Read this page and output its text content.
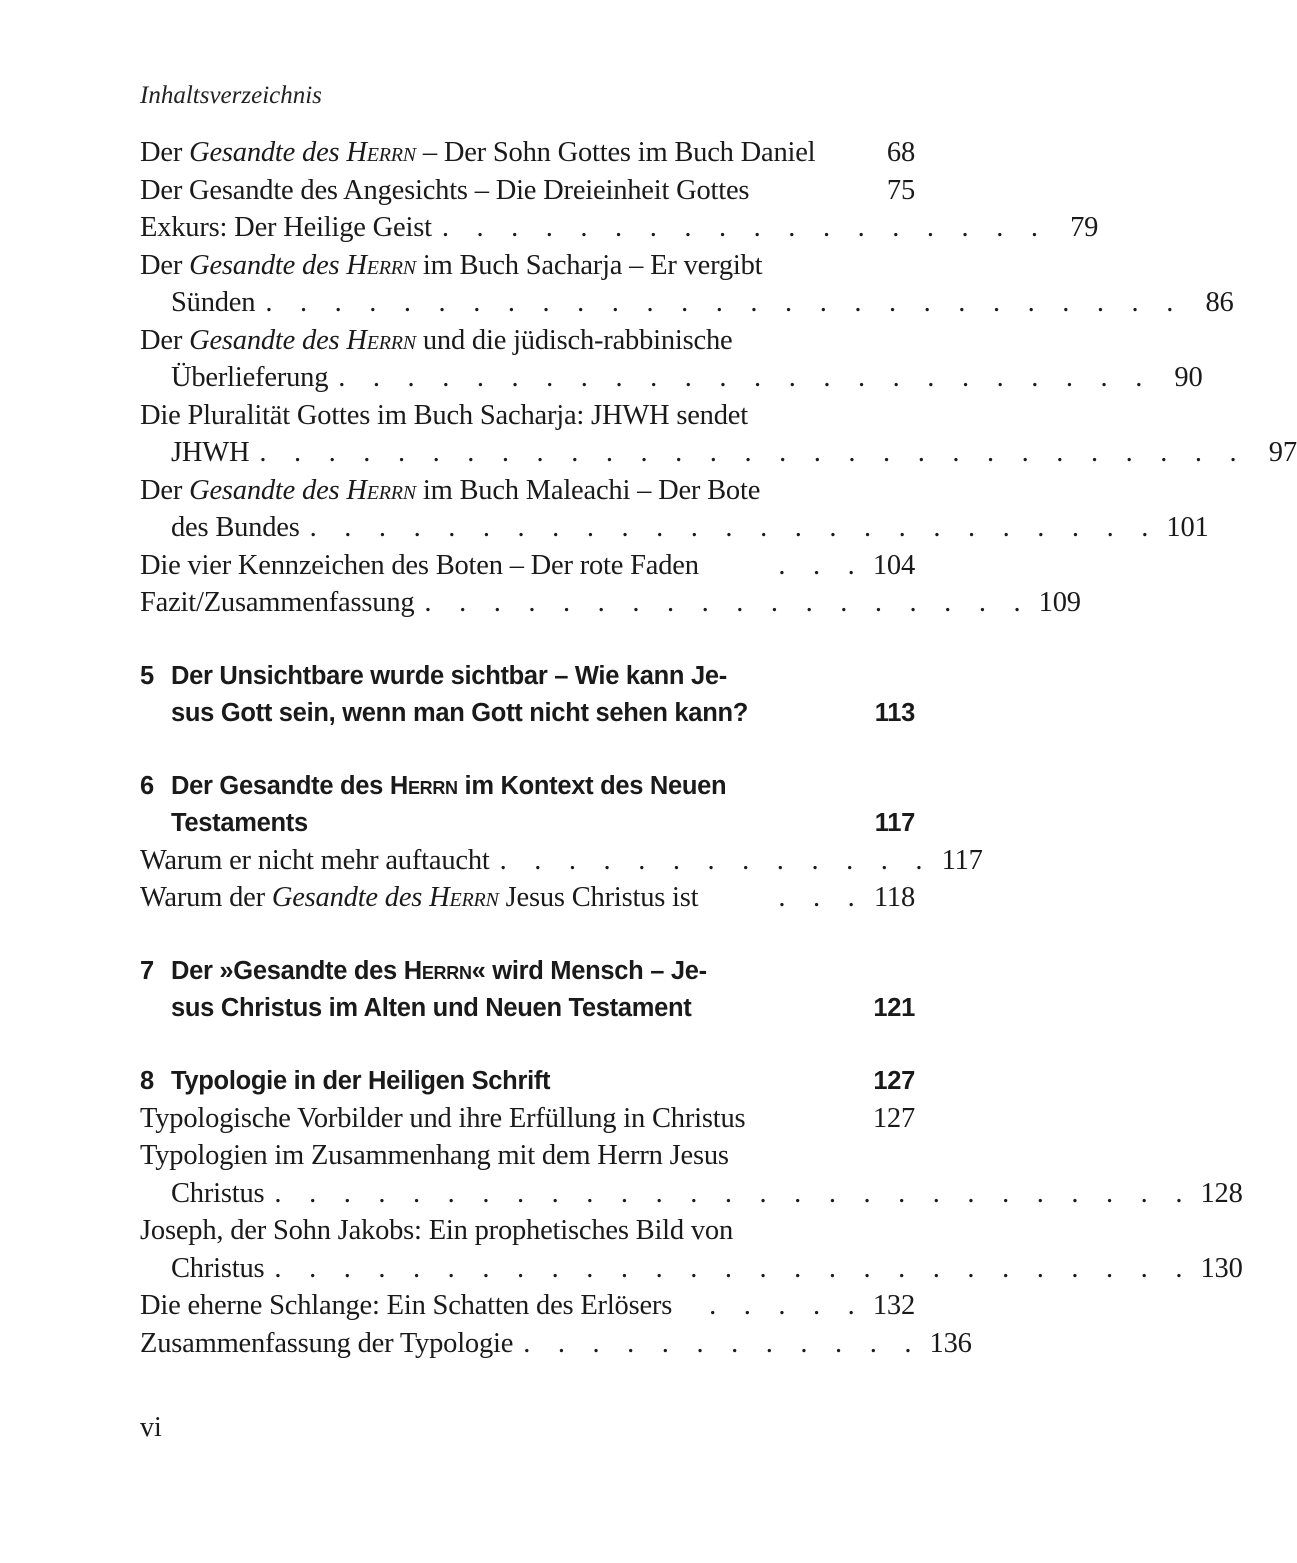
Inhaltsverzeichnis
Der Gesandte des Herrn – Der Sohn Gottes im Buch Daniel	68
Der Gesandte des Angesichts – Die Dreieinheit Gottes	75
Exkurs: Der Heilige Geist . . . . . . . . . . . . . . . . . . 79
Der Gesandte des Herrn im Buch Sacharja – Er vergibt
Sünden . . . . . . . . . . . . . . . . . . . . . . . . . . . 86
Der Gesandte des Herrn und die jüdisch-rabbinische
Überlieferung . . . . . . . . . . . . . . . . . . . . . . . . 90
Die Pluralität Gottes im Buch Sacharja: JHWH sendet
JHWH . . . . . . . . . . . . . . . . . . . . . . . . . . . . . 97
Der Gesandte des Herrn im Buch Maleachi – Der Bote
des Bundes . . . . . . . . . . . . . . . . . . . . . . . . . 101
Die vier Kennzeichen des Boten – Der rote Faden	. . . 104
Fazit/Zusammenfassung . . . . . . . . . . . . . . . . . . 109
5 Der Unsichtbare wurde sichtbar – Wie kann Je-
sus Gott sein, wenn man Gott nicht sehen kann?	113
6 Der Gesandte des Herrn im Kontext des Neuen
Testaments	117
Warum er nicht mehr auftaucht . . . . . . . . . . . . . 117
Warum der Gesandte des Herrn Jesus Christus ist	. . . 118
7 Der »Gesandte des Herrn« wird Mensch – Je-
sus Christus im Alten und Neuen Testament	121
8 Typologie in der Heiligen Schrift	127
Typologische Vorbilder und ihre Erfüllung in Christus	127
Typologien im Zusammenhang mit dem Herrn Jesus
Christus . . . . . . . . . . . . . . . . . . . . . . . . . . . 128
Joseph, der Sohn Jakobs: Ein prophetisches Bild von
Christus . . . . . . . . . . . . . . . . . . . . . . . . . . . 130
Die eherne Schlange: Ein Schatten des Erlösers	. . . . . 132
Zusammenfassung der Typologie . . . . . . . . . . . . 136
vi
